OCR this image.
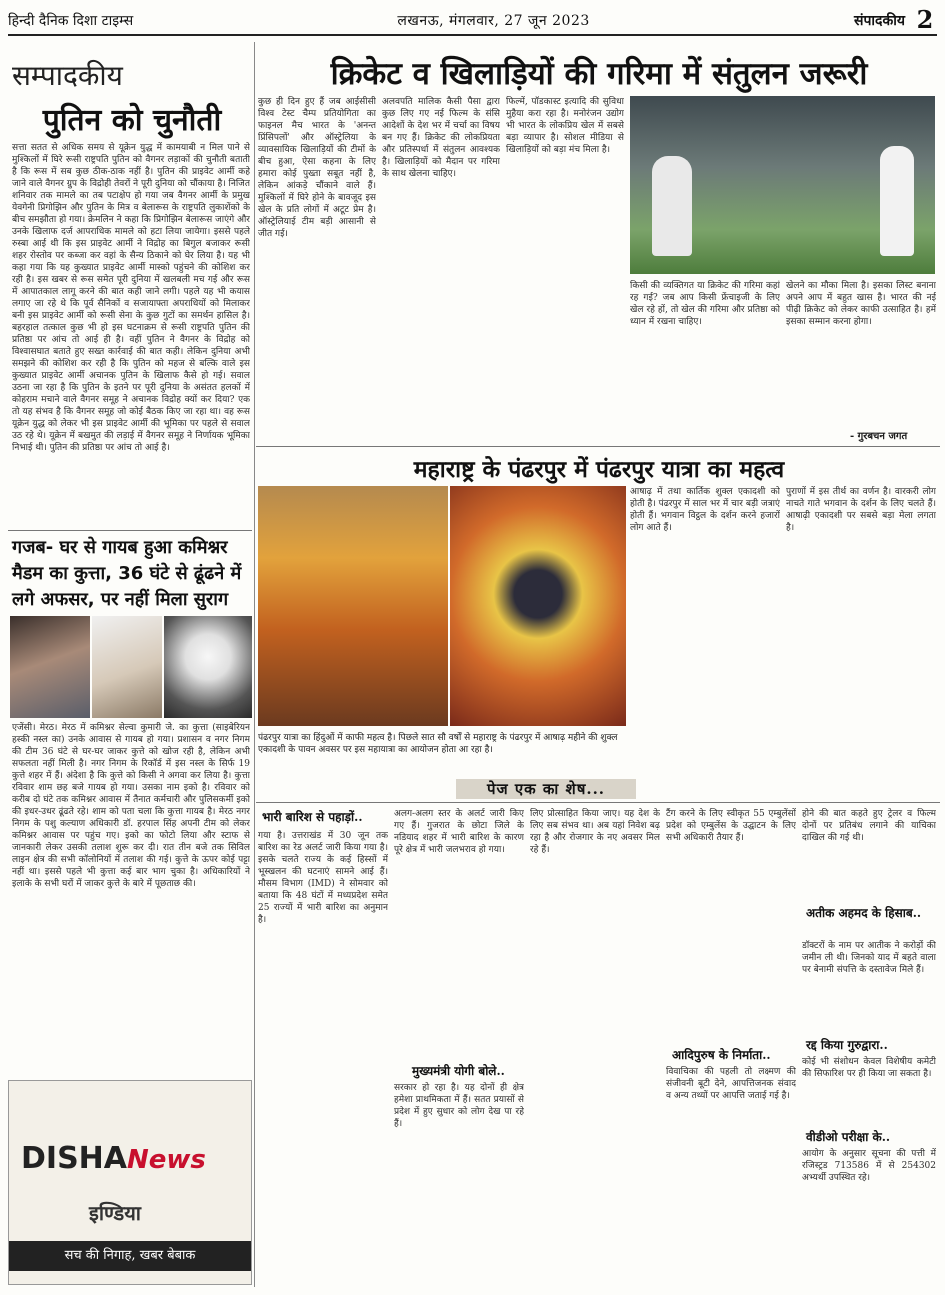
हिन्दी दैनिक दिशा टाइम्स	लखनऊ, मंगलवार, 27 जून 2023	संपादकीय 2
सम्पादकीय
पुतिन को चुनौती
सत्ता सतत से अधिक समय से यूक्रेन युद्ध में कामयाबी न मिल पाने से मुश्किलों में घिरे रूसी राष्ट्रपति पुतिन को वैगनर लड़ाकों की चुनौती बताती है कि रूस में सब कुछ ठीक-ठाक नहीं है। पुतिन की प्राइवेट आर्मी कहे जाने वाले वैगनर ग्रुप के विद्रोही तेवरों ने पूरी दुनिया को चौंकाया है। निजित शनिवार तक मामले का तब पटाक्षेप हो गया जब वैगनर आर्मी के प्रमुख येवगेनी प्रिगोझिन और पुतिन के मित्र व बेलारूस के राष्ट्रपति लुकाशेंको के बीच समझौता हो गया। क्रेमलिन ने कहा कि प्रिगोझिन बेलारूस जाएंगे और उनके खिलाफ दर्ज आपराधिक मामले को हटा लिया जायेगा। इससे पहले रुस्बा आई थी कि इस प्राइवेट आर्मी ने विद्रोह का बिगुल बजाकर रूसी शहर रोस्तोव पर कब्जा कर वहां के सैन्य ठिकाने को घेर लिया है। यह भी कहा गया कि यह कुख्यात प्राइवेट आर्मी मास्को पहुंचने की कोशिश कर रही है। इस खबर से रूस समेत पूरी दुनिया में खलबली मच गई और रूस में आपातकाल लागू करने की बात कही जाने लगी। पहले यह भी कयास लगाए जा रहे थे कि पूर्व सैनिकों व सजायाफ्ता अपराधियों को मिलाकर बनी इस प्राइवेट आर्मी को रूसी सेना के कुछ गुटों का समर्थन हासिल है। बहरहाल तत्काल कुछ भी हो इस घटनाक्रम से रूसी राष्ट्रपति पुतिन की प्रतिष्ठा पर आंच तो आई ही है। वहीं पुतिन ने वैगनर के विद्रोह को विश्वासघात बताते हुए सख्त कार्रवाई की बात कही। लेकिन दुनिया अभी समझने की कोशिश कर रही है कि पुतिन को महज से बल्कि वाले इस कुख्यात प्राइवेट आर्मी अचानक पुतिन के खिलाफ कैसे हो गई। सवाल उठना जा रहा है कि पुतिन के इतने पर पूरी दुनिया के असंतत हलकों में कोहराम मचाने वाले वैगनर समूह ने अचानक विद्रोह क्यों कर दिया? एक तो यह संभव है कि वैगनर समूह जो कोई बैठक किए जा रहा था। वह रूस यूक्रेन युद्ध को लेकर भी इस प्राइवेट आर्मी की भूमिका पर पहले से सवाल उठ रहे थे। यूक्रेन में बखमुत की लड़ाई में वैगनर समूह ने निर्णायक भूमिका निभाई थी। पुतिन की प्रतिष्ठा पर आंच तो आई है।
गजब- घर से गायब हुआ कमिश्नर मैडम का कुत्ता, 36 घंटे से ढूंढने में लगे अफसर, पर नहीं मिला सुराग
एजेंसी। मेरठ। मेरठ में कमिश्नर सेल्वा कुमारी जे. का कुत्ता (साइबेरियन हस्की नस्ल का) उनके आवास से गायब हो गया। प्रशासन व नगर निगम की टीम 36 घंटे से घर-घर जाकर कुत्ते को खोज रही है, लेकिन अभी सफलता नहीं मिली है। नगर निगम के रिकॉर्ड में इस नस्ल के सिर्फ 19 कुत्ते शहर में हैं। अंदेशा है कि कुत्ते को किसी ने अगवा कर लिया है। कुत्ता रविवार शाम छह बजे गायब हो गया। उसका नाम इको है। रविवार को करीब दो घंटे तक कमिश्नर आवास में तैनात कर्मचारी और पुलिसकर्मी इको की इधर-उधर ढूंढते रहे। शाम को पता चला कि कुत्ता गायब है। मेरठ नगर निगम के पशु कल्याण अधिकारी डॉ. हरपाल सिंह अपनी टीम को लेकर कमिश्नर आवास पर पहुंच गए। इको का फोटो लिया और स्टाफ से जानकारी लेकर उसकी तलाश शुरू कर दी। रात तीन बजे तक सिविल लाइन क्षेत्र की सभी कॉलोनियों में तलाश की गई। कुत्ते के ऊपर कोई पट्टा नहीं था। इससे पहले भी कुत्ता कई बार भाग चुका है। अधिकारियों ने इलाके के सभी घरों में जाकर कुत्ते के बारे में पूछताछ की।
DISHANews
इण्डिया
सच की निगाह, खबर बेबाक
क्रिकेट व खिलाड़ियों की गरिमा में संतुलन जरूरी
कुछ ही दिन हुए हैं जब आईसीसी विश्व टेस्ट चैम्प प्रतियोगिता का फाइनल मैच भारत के 'अनन्त प्रिंसिपलों' और ऑस्ट्रेलिया के व्यावसायिक खिलाड़ियों की टीमों के बीच हुआ, ऐसा कहना के लिए हमारा कोई पुख्ता सबूत नहीं है, लेकिन आंकड़े चौंकाने वाले हैं। मुश्किलों में घिरे होने के बावजूद इस खेल के प्रति लोगों में अटूट प्रेम है। ऑस्ट्रेलियाई टीम बड़ी आसानी से जीत गई।
अलवपति मालिक कैसी पैसा द्वारा कुछ लिए गए नई फिल्म के संसि आदेशों के देश भर में चर्चा का विषय बन गए हैं। क्रिकेट की लोकप्रियता और प्रतिस्पर्धा में संतुलन आवश्यक है। खिलाड़ियों को मैदान पर गरिमा के साथ खेलना चाहिए।
फिल्में, पॉडकास्ट इत्यादि की सुविधा मुहैया करा रहा है। मनोरंजन उद्योग भी भारत के लोकप्रिय खेल में सबसे बड़ा व्यापार है। सोशल मीडिया से खिलाड़ियों को बड़ा मंच मिला है।
किसी की व्यक्तिगत या क्रिकेट की गरिमा कहां रह गई? जब आप किसी फ्रेंचाइजी के लिए खेल रहे हों, तो खेल की गरिमा और प्रतिष्ठा को ध्यान में रखना चाहिए।
खेलने का मौका मिला है। इसका लिस्ट बनाना अपने आप में बहुत खास है। भारत की नई पीढ़ी क्रिकेट को लेकर काफी उत्साहित है। हमें इसका सम्मान करना होगा।
- गुरबचन जगत
महाराष्ट्र के पंढरपुर में पंढरपुर यात्रा का महत्व
पंढरपुर यात्रा का हिंदुओं में काफी महत्व है। पिछले सात सौ वर्षों से महाराष्ट्र के पंढरपुर में आषाढ़ महीने की शुक्ल एकादशी के पावन अवसर पर इस महायात्रा का आयोजन होता आ रहा है।
आषाढ़ में तथा कार्तिक शुक्ल एकादशी को होती है। पंढरपुर में साल भर में चार बड़ी जत्राएं होती हैं। भगवान विट्ठल के दर्शन करने हजारों लोग आते हैं।
पुराणों में इस तीर्थ का वर्णन है। वारकरी लोग नाचते गाते भगवान के दर्शन के लिए चलते हैं। आषाढ़ी एकादशी पर सबसे बड़ा मेला लगता है।
पेज एक का शेष...
भारी बारिश से पहाड़ों..
गया है। उत्तराखंड में 30 जून तक बारिश का रेड अलर्ट जारी किया गया है। इसके चलते राज्य के कई हिस्सों में भूस्खलन की घटनाएं सामने आई हैं। मौसम विभाग (IMD) ने सोमवार को बताया कि 48 घंटों में मध्यप्रदेश समेत 25 राज्यों में भारी बारिश का अनुमान है।
अलग-अलग स्तर के अलर्ट जारी किए गए हैं। गुजरात के छोटा जिले के नडियाद शहर में भारी बारिश के कारण पूरे क्षेत्र में भारी जलभराव हो गया।
मुख्यमंत्री योगी बोले..
सरकार हो रहा है। यह दोनों ही क्षेत्र हमेशा प्राथमिकता में हैं। सतत प्रयासों से प्रदेश में हुए सुधार को लोग देख पा रहे हैं।
लिए प्रोत्साहित किया जाए। यह देश के लिए सब संभव था। अब यहां निवेश बढ़ रहा है और रोजगार के नए अवसर मिल रहे हैं।
टैंग करने के लिए स्वीकृत 55 एम्बुलेंसों प्रदेश को एम्बुलेंस के उद्घाटन के लिए सभी अधिकारी तैयार हैं।
आदिपुरुष के निर्माता..
विवाचिका की पहली तो लक्ष्मण की संजीवनी बूटी देने, आपत्तिजनक संवाद व अन्य तथ्यों पर आपत्ति जताई गई है।
होने की बात कहते हुए ट्रेलर व फिल्म दोनों पर प्रतिबंध लगाने की याचिका दाखिल की गई थी।
अतीक अहमद के हिसाब..
डॉक्टरों के नाम पर आतीक ने करोड़ों की जमीन ली थी। जिनको याद में बहते वाला पर बेनामी संपत्ति के दस्तावेज मिले हैं।
रद्द किया गुरुद्वारा..
कोई भी संशोधन केवल विशेषीय कमेटी की सिफारिश पर ही किया जा सकता है।
वीडीओ परीक्षा के..
आयोग के अनुसार सूचना की पत्ती में रजिस्ट्रड 713586 में से 254302 अभ्यर्थी उपस्थित रहे।
